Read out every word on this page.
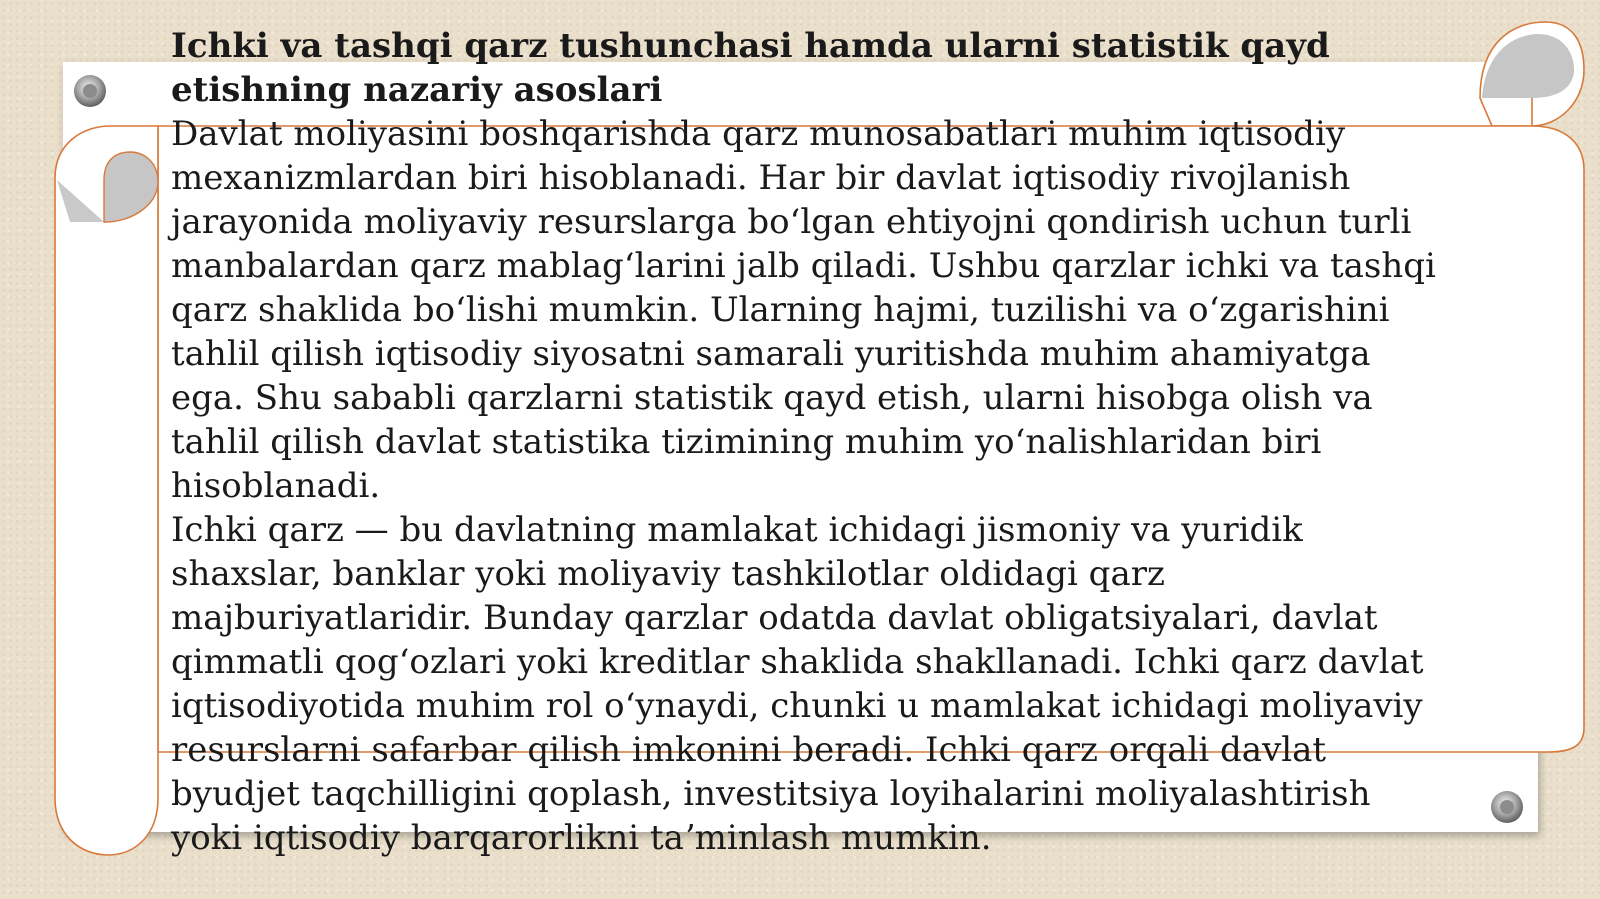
Ichki va tashqi qarz tushunchasi hamda ularni statistik qayd
etishning nazariy asoslari

Davlat moliyasini boshqarishda qarz munosabatlari muhim iqtisodiy
mexanizmlardan biri hisoblanadi. Har bir davlat iqtisodiy rivojlanish
jarayonida moliyaviy resurslarga boʻlgan ehtiyojni qondirish uchun turli
manbalardan qarz mablagʻlarini jalb qiladi. Ushbu qarzlar ichki va tashqi
qarz shaklida boʻlishi mumkin. Ularning hajmi, tuzilishi va oʻzgarishini
tahlil qilish iqtisodiy siyosatni samarali yuritishda muhim ahamiyatga
ega. Shu sababli qarzlarni statistik qayd etish, ularni hisobga olish va
tahlil qilish davlat statistika tizimining muhim yoʻnalishlaridan biri
hisoblanadi.

Ichki qarz — bu davlatning mamlakat ichidagi jismoniy va yuridik
shaxslar, banklar yoki moliyaviy tashkilotlar oldidagi qarz
majburiyatlaridir. Bunday qarzlar odatda davlat obligatsiyalari, davlat
qimmatli qogʻozlari yoki kreditlar shaklida shakllanadi. Ichki qarz davlat
iqtisodiyotida muhim rol oʻynaydi, chunki u mamlakat ichidagi moliyaviy
resurslarni safarbar qilish imkonini beradi. Ichki qarz orqali davlat
byudjet taqchilligini qoplash, investitsiya loyihalarini moliyalashtirish
yoki iqtisodiy barqarorlikni taʼminlash mumkin.
